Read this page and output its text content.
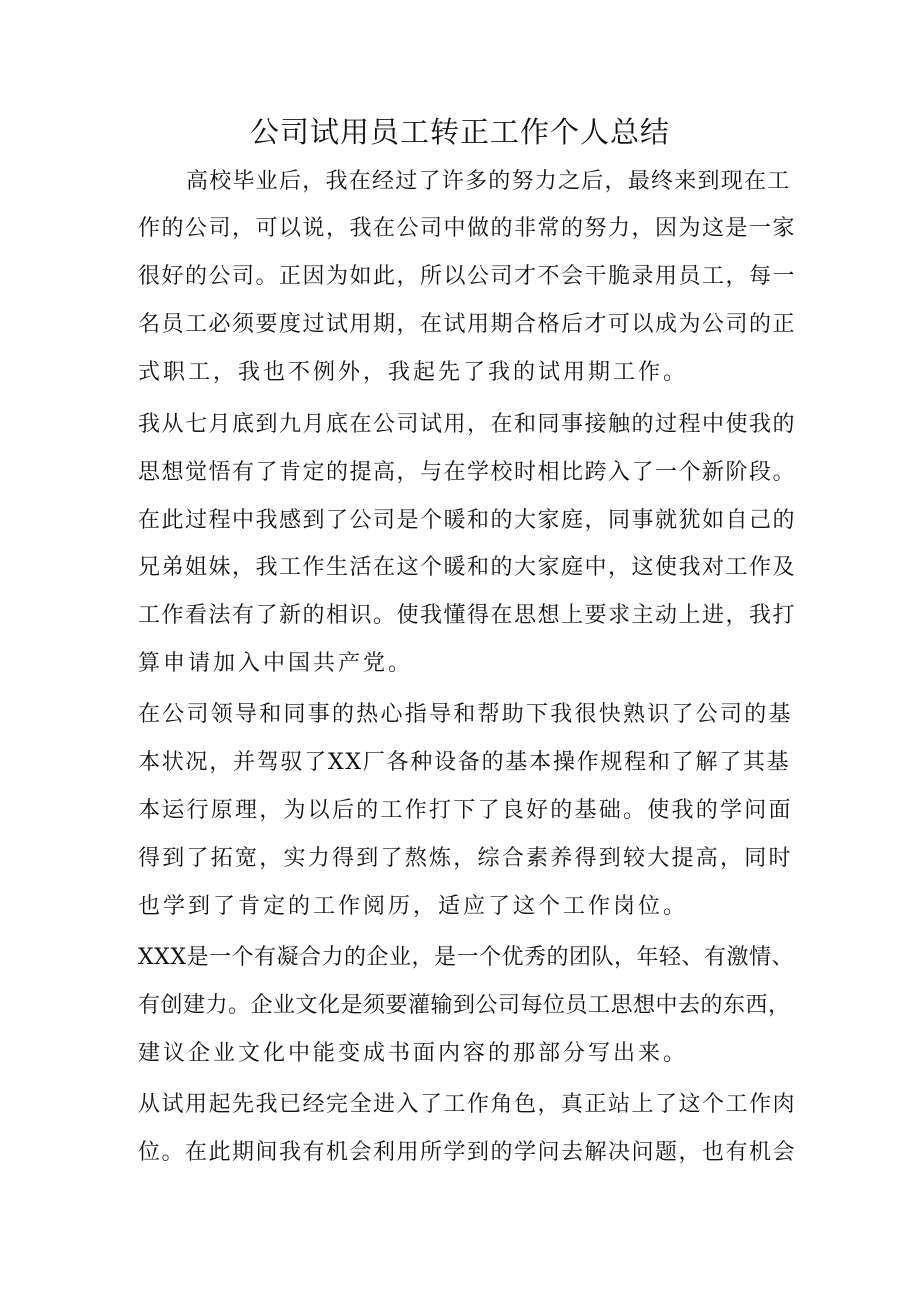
公司试用员工转正工作个人总结
高校毕业后，我在经过了许多的努力之后，最终来到现在工
作的公司，可以说，我在公司中做的非常的努力，因为这是一家
很好的公司。正因为如此，所以公司才不会干脆录用员工，每一
名员工必须要度过试用期，在试用期合格后才可以成为公司的正
式职工，我也不例外，我起先了我的试用期工作。
我从七月底到九月底在公司试用，在和同事接触的过程中使我的
思想觉悟有了肯定的提高，与在学校时相比跨入了一个新阶段。
在此过程中我感到了公司是个暖和的大家庭，同事就犹如自己的
兄弟姐妹，我工作生活在这个暖和的大家庭中，这使我对工作及
工作看法有了新的相识。使我懂得在思想上要求主动上进，我打
算申请加入中国共产党。
在公司领导和同事的热心指导和帮助下我很快熟识了公司的基
本状况，并驾驭了XX厂各种设备的基本操作规程和了解了其基
本运行原理，为以后的工作打下了良好的基础。使我的学问面
得到了拓宽，实力得到了熬炼，综合素养得到较大提高，同时
也学到了肯定的工作阅历，适应了这个工作岗位。
XXX是一个有凝合力的企业，是一个优秀的团队，年轻、有激情、
有创建力。企业文化是须要灌输到公司每位员工思想中去的东西，
建议企业文化中能变成书面内容的那部分写出来。
从试用起先我已经完全进入了工作角色，真正站上了这个工作肉
位。在此期间我有机会利用所学到的学问去解决问题，也有机会
